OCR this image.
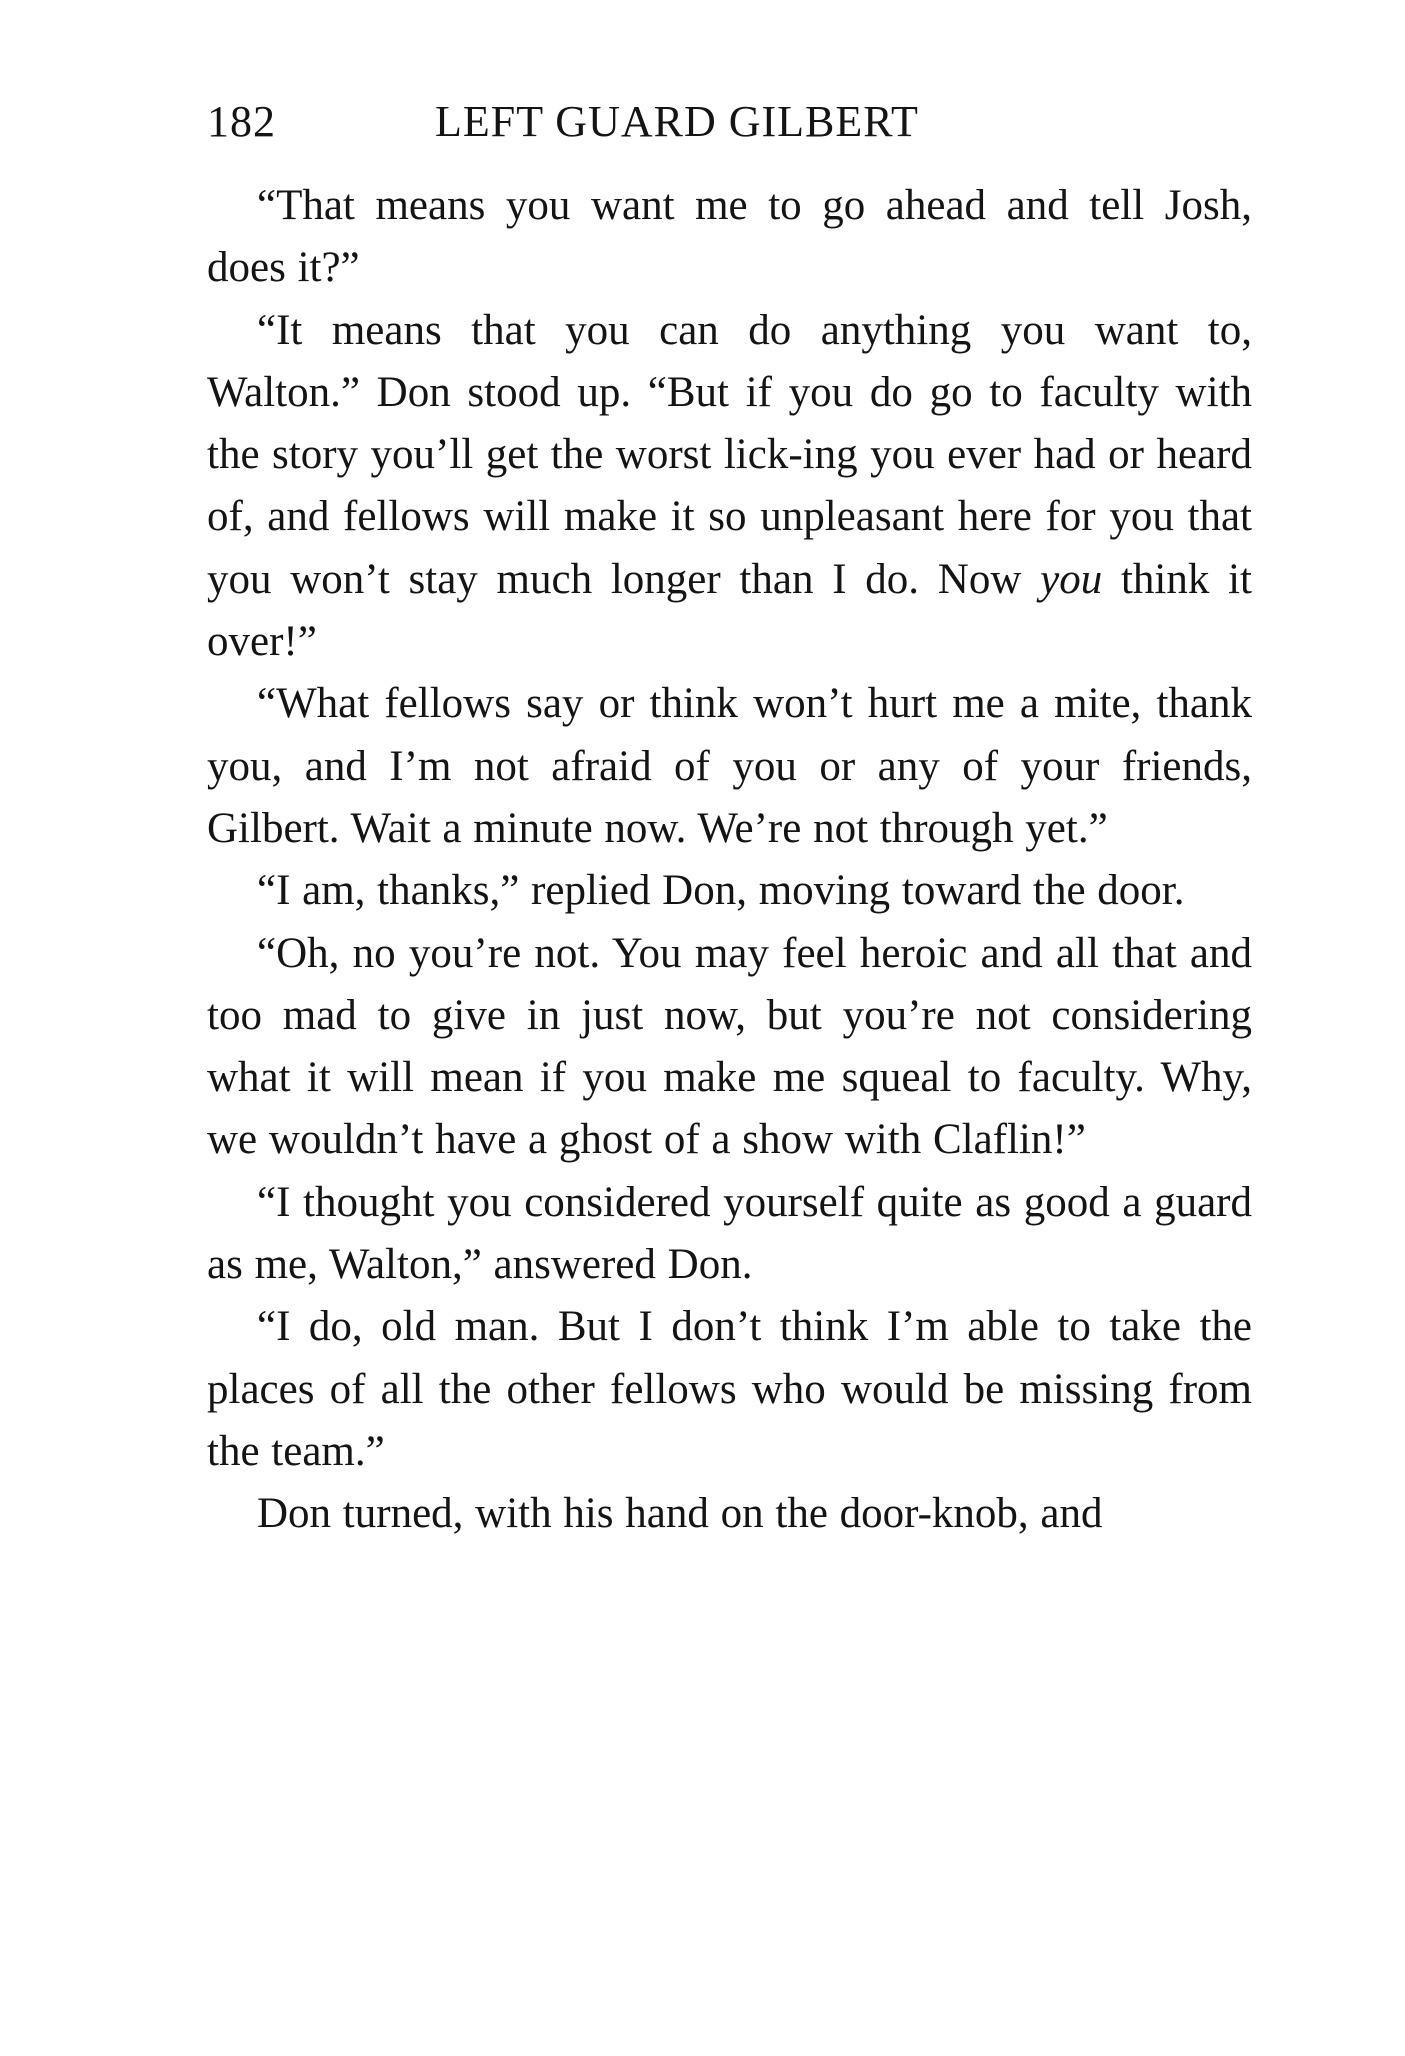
182	LEFT GUARD GILBERT

“That means you want me to go ahead and tell Josh, does it?”

“It means that you can do anything you want to, Walton.” Don stood up. “But if you do go to faculty with the story you’ll get the worst lick-ing you ever had or heard of, and fellows will make it so unpleasant here for you that you won’t stay much longer than I do. Now you think it over!”

“What fellows say or think won’t hurt me a mite, thank you, and I’m not afraid of you or any of your friends, Gilbert. Wait a minute now. We’re not through yet.”

“I am, thanks,” replied Don, moving toward the door.

“Oh, no you’re not. You may feel heroic and all that and too mad to give in just now, but you’re not considering what it will mean if you make me squeal to faculty. Why, we wouldn’t have a ghost of a show with Claflin!”

“I thought you considered yourself quite as good a guard as me, Walton,” answered Don.

“I do, old man. But I don’t think I’m able to take the places of all the other fellows who would be missing from the team.”

Don turned, with his hand on the door-knob, and
